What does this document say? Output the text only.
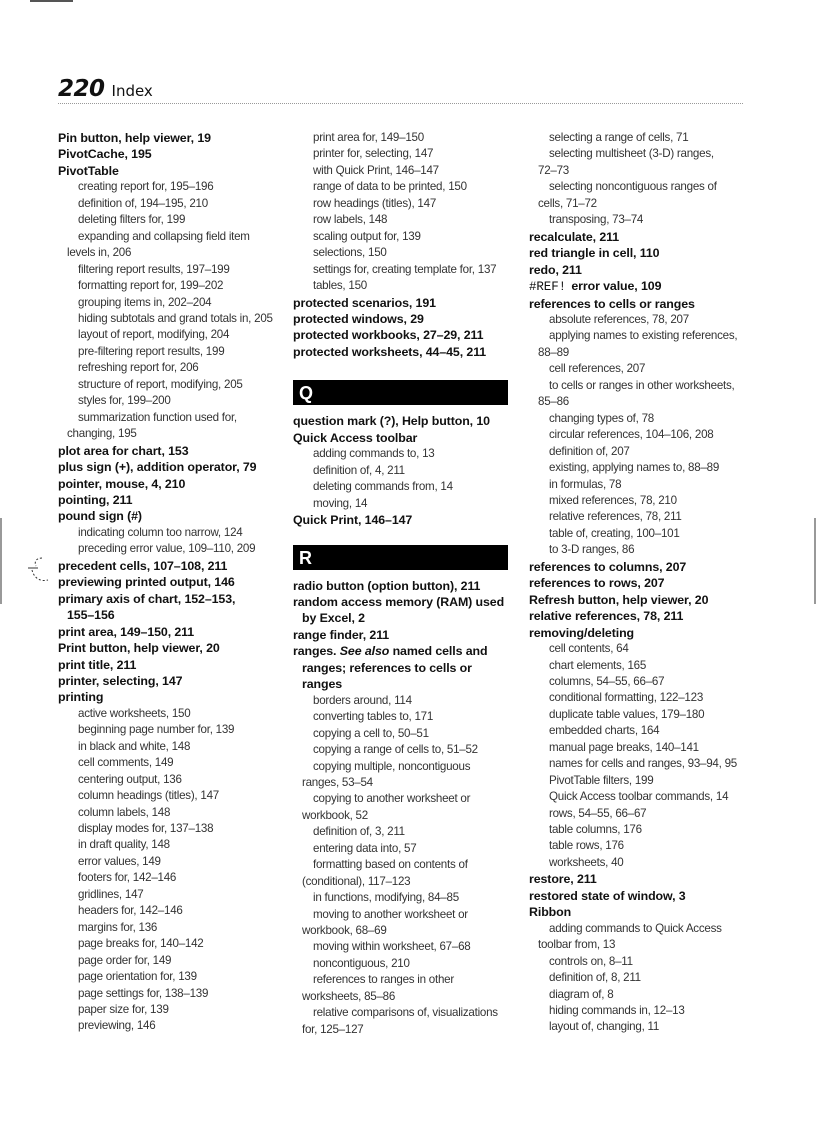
220 Index
Pin button, help viewer, 19
PivotCache, 195
PivotTable
creating report for, 195–196
definition of, 194–195, 210
deleting filters for, 199
expanding and collapsing field item
levels in, 206
filtering report results, 197–199
formatting report for, 199–202
grouping items in, 202–204
hiding subtotals and grand totals in, 205
layout of report, modifying, 204
pre-filtering report results, 199
refreshing report for, 206
structure of report, modifying, 205
styles for, 199–200
summarization function used for,
changing, 195
plot area for chart, 153
plus sign (+), addition operator, 79
pointer, mouse, 4, 210
pointing, 211
pound sign (#)
indicating column too narrow, 124
preceding error value, 109–110, 209
precedent cells, 107–108, 211
previewing printed output, 146
primary axis of chart, 152–153,
155–156
print area, 149–150, 211
Print button, help viewer, 20
print title, 211
printer, selecting, 147
printing
active worksheets, 150
beginning page number for, 139
in black and white, 148
cell comments, 149
centering output, 136
column headings (titles), 147
column labels, 148
display modes for, 137–138
in draft quality, 148
error values, 149
footers for, 142–146
gridlines, 147
headers for, 142–146
margins for, 136
page breaks for, 140–142
page order for, 149
page orientation for, 139
page settings for, 138–139
paper size for, 139
previewing, 146
print area for, 149–150
printer for, selecting, 147
with Quick Print, 146–147
range of data to be printed, 150
row headings (titles), 147
row labels, 148
scaling output for, 139
selections, 150
settings for, creating template for, 137
tables, 150
protected scenarios, 191
protected windows, 29
protected workbooks, 27–29, 211
protected worksheets, 44–45, 211
Q
question mark (?), Help button, 10
Quick Access toolbar
adding commands to, 13
definition of, 4, 211
deleting commands from, 14
moving, 14
Quick Print, 146–147
R
radio button (option button), 211
random access memory (RAM) used
by Excel, 2
range finder, 211
ranges. See also named cells and
ranges; references to cells or
ranges
borders around, 114
converting tables to, 171
copying a cell to, 50–51
copying a range of cells to, 51–52
copying multiple, noncontiguous
ranges, 53–54
copying to another worksheet or
workbook, 52
definition of, 3, 211
entering data into, 57
formatting based on contents of
(conditional), 117–123
in functions, modifying, 84–85
moving to another worksheet or
workbook, 68–69
moving within worksheet, 67–68
noncontiguous, 210
references to ranges in other
worksheets, 85–86
relative comparisons of, visualizations
for, 125–127
selecting a range of cells, 71
selecting multisheet (3-D) ranges,
72–73
selecting noncontiguous ranges of
cells, 71–72
transposing, 73–74
recalculate, 211
red triangle in cell, 110
redo, 211
#REF! error value, 109
references to cells or ranges
absolute references, 78, 207
applying names to existing references,
88–89
cell references, 207
to cells or ranges in other worksheets,
85–86
changing types of, 78
circular references, 104–106, 208
definition of, 207
existing, applying names to, 88–89
in formulas, 78
mixed references, 78, 210
relative references, 78, 211
table of, creating, 100–101
to 3-D ranges, 86
references to columns, 207
references to rows, 207
Refresh button, help viewer, 20
relative references, 78, 211
removing/deleting
cell contents, 64
chart elements, 165
columns, 54–55, 66–67
conditional formatting, 122–123
duplicate table values, 179–180
embedded charts, 164
manual page breaks, 140–141
names for cells and ranges, 93–94, 95
PivotTable filters, 199
Quick Access toolbar commands, 14
rows, 54–55, 66–67
table columns, 176
table rows, 176
worksheets, 40
restore, 211
restored state of window, 3
Ribbon
adding commands to Quick Access
toolbar from, 13
controls on, 8–11
definition of, 8, 211
diagram of, 8
hiding commands in, 12–13
layout of, changing, 11
